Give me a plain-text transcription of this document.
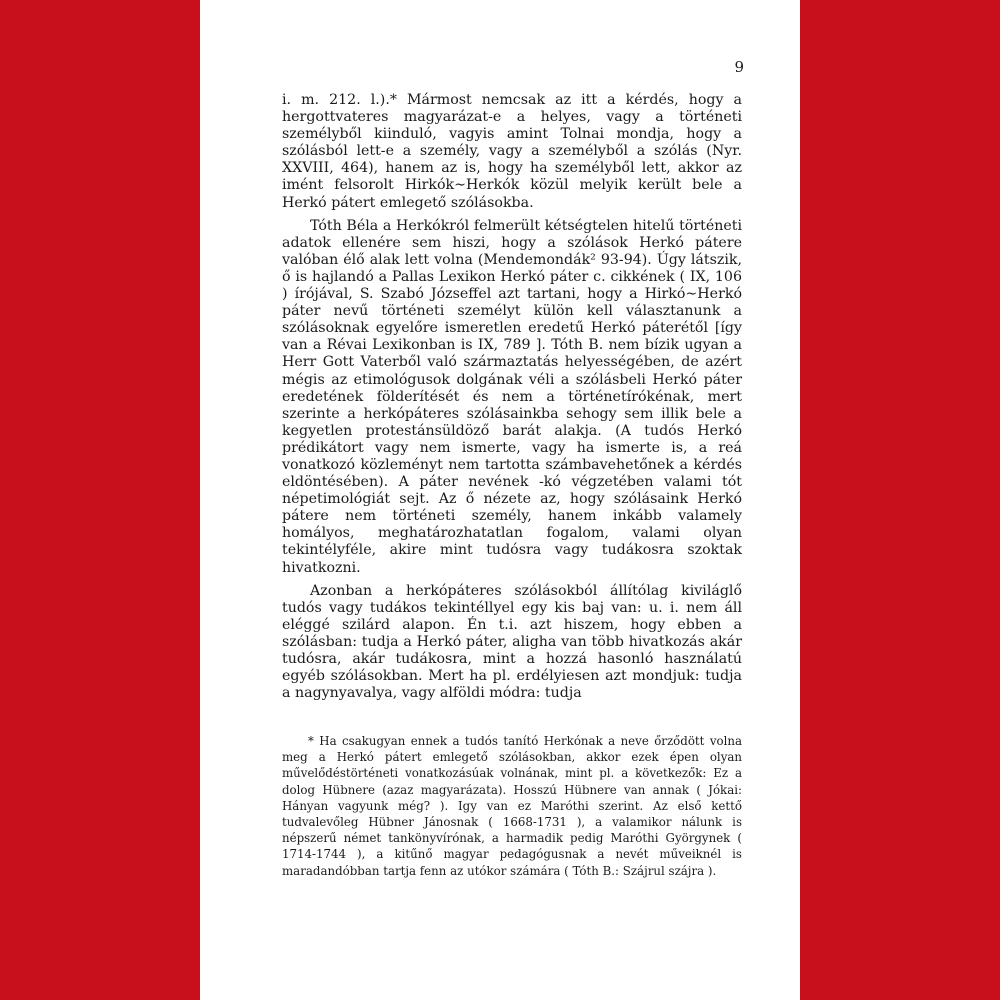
9

i. m. 212. l.).* Mármost nemcsak az itt a kérdés, hogy a hergottvateres magyarázat-e a helyes, vagy a történeti személyből kiinduló, vagyis amint Tolnai mondja, hogy a szólásból lett-e a személy, vagy a személyből a szólás (Nyr. XXVIII, 464), hanem az is, hogy ha személyből lett, akkor az imént felsorolt Hirkók∼Herkók közül melyik került bele a Herkó pátert emlegető szólásokba.

Tóth Béla a Herkókról felmerült kétségtelen hitelű történeti adatok ellenére sem hiszi, hogy a szólások Herkó pátere valóban élő alak lett volna (Mendemondák² 93-94). Úgy látszik, ő is hajlandó a Pallas Lexikon Herkó páter c. cikkének ( IX, 106 ) írójával, S. Szabó Józseffel azt tartani, hogy a Hirkó∼Herkó páter nevű történeti személyt külön kell választanunk a szólásoknak egyelőre ismeretlen eredetű Herkó páterétől [így van a Révai Lexikonban is IX, 789 ]. Tóth B. nem bízik ugyan a Herr Gott Vaterből való származtatás helyességében, de azért mégis az etimológusok dolgának véli a szólásbeli Herkó páter eredetének földerítését és nem a történetírókénak, mert szerinte a herkópáteres szólásainkba sehogy sem illik bele a kegyetlen protestánsüldöző barát alakja. (A tudós Herkó prédikátort vagy nem ismerte, vagy ha ismerte is, a reá vonatkozó közleményt nem tartotta számbavehetőnek a kérdés eldöntésében). A páter nevének -kó végzetében valami tót népetimológiát sejt. Az ő nézete az, hogy szólásaink Herkó pátere nem történeti személy, hanem inkább valamely homályos, meghatározhatatlan fogalom, valami olyan tekintélyféle, akire mint tudósra vagy tudákosra szoktak hivatkozni.

Azonban a herkópáteres szólásokból állítólag kiviláglő tudós vagy tudákos tekintéllyel egy kis baj van: u. i. nem áll eléggé szilárd alapon. Én t.i. azt hiszem, hogy ebben a szólásban: tudja a Herkó páter, aligha van több hivatkozás akár tudósra, akár tudákosra, mint a hozzá hasonló használatú egyéb szólásokban. Mert ha pl. erdélyiesen azt mondjuk: tudja a nagynyavalya, vagy alföldi módra: tudja

* Ha csakugyan ennek a tudós tanító Herkónak a neve őrződött volna meg a Herkó pátert emlegető szólásokban, akkor ezek épen olyan művelődéstörténeti vonatkozásúak volnának, mint pl. a következők: Ez a dolog Hübnere (azaz magyarázata). Hosszú Hübnere van annak ( Jókai: Hányan vagyunk még? ). Igy van ez Maróthi szerint. Az első kettő tudvalevőleg Hübner Jánosnak ( 1668-1731 ), a valamikor nálunk is népszerű német tankönyvírónak, a harmadik pedig Maróthi Györgynek ( 1714-1744 ), a kitűnő magyar pedagógusnak a nevét műveiknél is maradandóbban tartja fenn az utókor számára ( Tóth B.: Szájrul szájra ).
